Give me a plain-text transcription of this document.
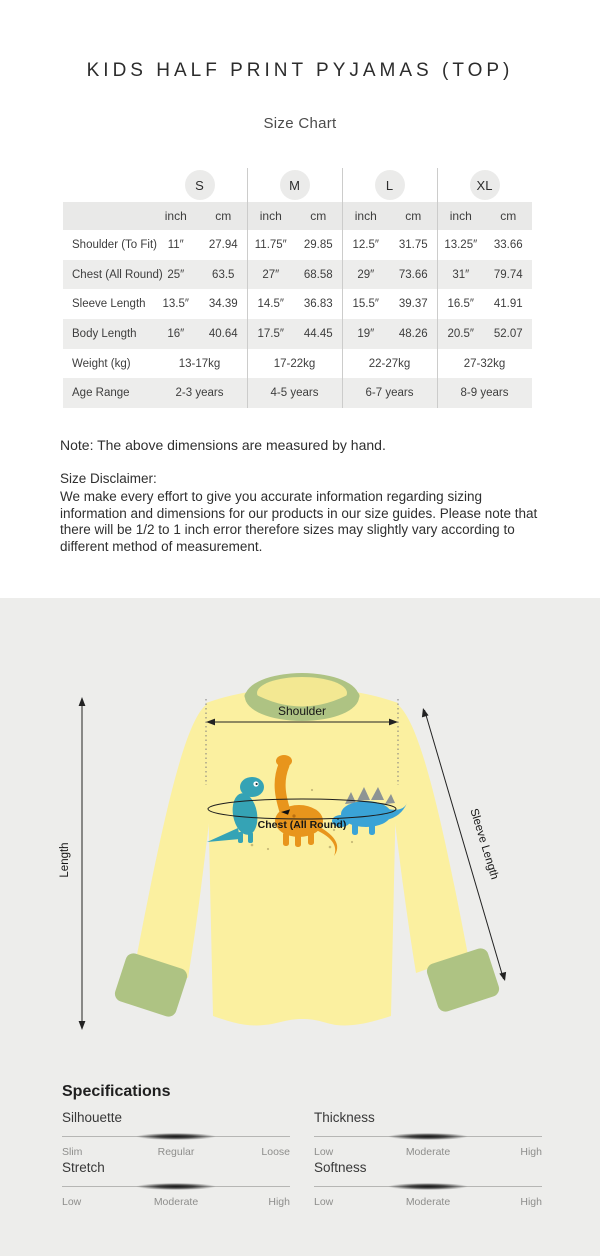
KIDS HALF PRINT PYJAMAS (TOP)
Size Chart
S	M	L	XL
inch	cm	inch	cm	inch	cm	inch	cm
Shoulder (To Fit) 11″	27.94	11.75″	29.85	12.5″	31.75	13.25″	33.66
Chest (All Round) 25″	63.5	27″	68.58	29″	73.66	31″	79.74
Sleeve Length	13.5″	34.39	14.5″	36.83	15.5″	39.37	16.5″	41.91
Body Length	16″	40.64	17.5″	44.45	19″	48.26	20.5″	52.07
Weight (kg)	13-17kg	17-22kg	22-27kg	27-32kg
Age Range	2-3 years	4-5 years	6-7 years	8-9 years
Note: The above dimensions are measured by hand.
Size Disclaimer:
We make every effort to give you accurate information regarding sizing information and dimensions for our products in our size guides. Please note that there will be 1/2 to 1 inch error therefore sizes may slightly vary according to different method of measurement.
Chest (All Round)
Shoulder
Length	Sleeve Length
Specifications
Silhouette
Slim	Regular	Loose
Thickness
Low	Moderate	High
Stretch
Low	Moderate	High
Softness
Low	Moderate	High
